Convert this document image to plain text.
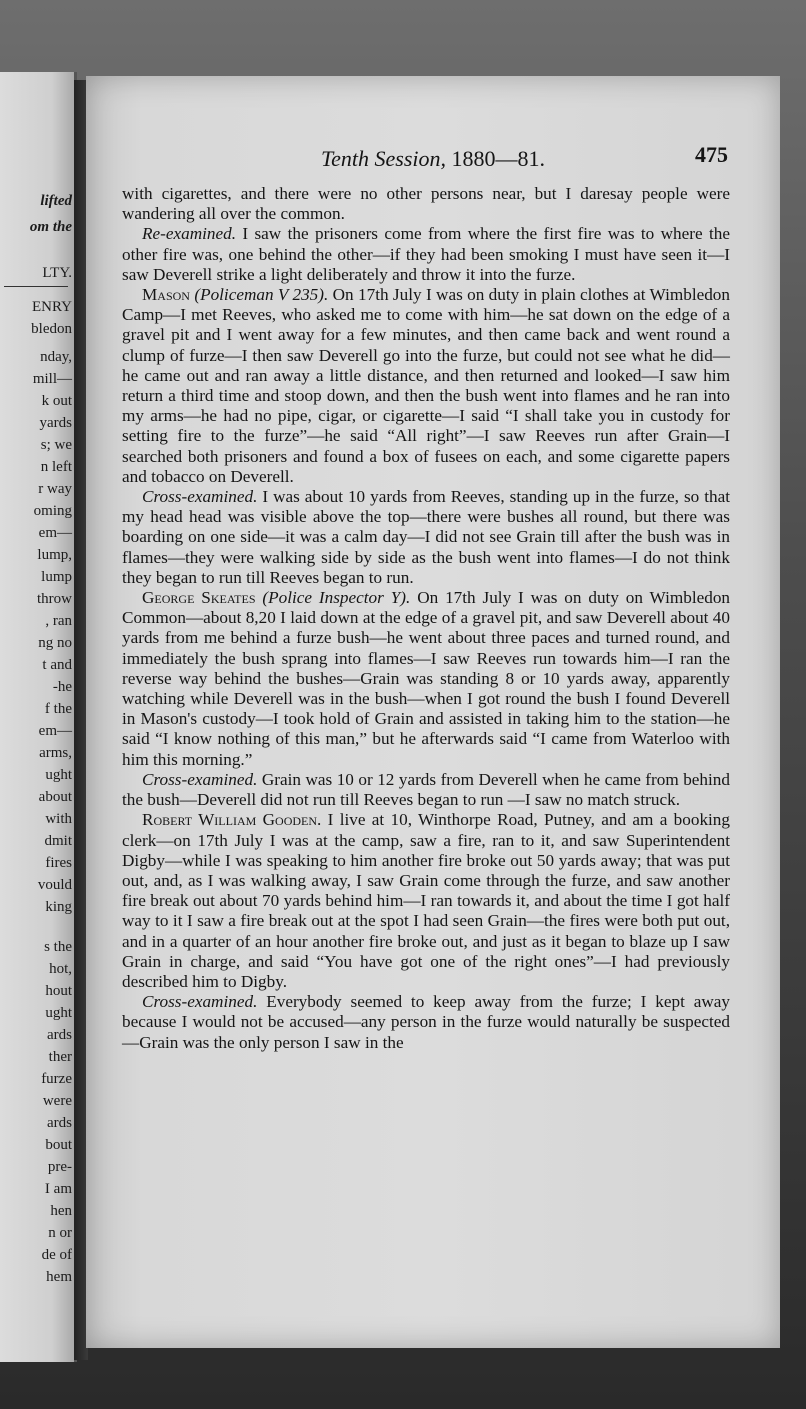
lifted
om the
LTY.
ENRY
bledon
nday,
mill—
k out
yards
s; we
n left
r way
oming
em—
lump,
lump
throw
, ran
ng no
t and
-he
f the
em—
arms,
ught
about
with
dmit
fires
vould
king
s the
hot,
hout
ught
ards
ther
furze
were
ards
bout
pre-
I am
hen
n or
de of
hem
Tenth Session, 1880—81.	475

with cigarettes, and there were no other persons near, but I daresay people were wandering all over the common.

Re-examined. I saw the prisoners come from where the first fire was to where the other fire was, one behind the other—if they had been smoking I must have seen it—I saw Deverell strike a light deliberately and throw it into the furze.

Mason (Policeman V 235). On 17th July I was on duty in plain clothes at Wimbledon Camp—I met Reeves, who asked me to come with him—he sat down on the edge of a gravel pit and I went away for a few minutes, and then came back and went round a clump of furze—I then saw Deverell go into the furze, but could not see what he did—he came out and ran away a little distance, and then returned and looked—I saw him return a third time and stoop down, and then the bush went into flames and he ran into my arms—he had no pipe, cigar, or cigarette—I said “I shall take you in custody for setting fire to the furze”—he said “All right”—I saw Reeves run after Grain—I searched both prisoners and found a box of fusees on each, and some cigarette papers and tobacco on Deverell.

Cross-examined. I was about 10 yards from Reeves, standing up in the furze, so that my head head was visible above the top—there were bushes all round, but there was boarding on one side—it was a calm day—I did not see Grain till after the bush was in flames—they were walking side by side as the bush went into flames—I do not think they began to run till Reeves began to run.

George Skeates (Police Inspector Y). On 17th July I was on duty on Wimbledon Common—about 8,20 I laid down at the edge of a gravel pit, and saw Deverell about 40 yards from me behind a furze bush—he went about three paces and turned round, and immediately the bush sprang into flames—I saw Reeves run towards him—I ran the reverse way behind the bushes—Grain was standing 8 or 10 yards away, apparently watching while Deverell was in the bush—when I got round the bush I found Deverell in Mason's custody—I took hold of Grain and assisted in taking him to the station—he said “I know nothing of this man,” but he afterwards said “I came from Waterloo with him this morning.”

Cross-examined. Grain was 10 or 12 yards from Deverell when he came from behind the bush—Deverell did not run till Reeves began to run —I saw no match struck.

Robert William Gooden. I live at 10, Winthorpe Road, Putney, and am a booking clerk—on 17th July I was at the camp, saw a fire, ran to it, and saw Superintendent Digby—while I was speaking to him another fire broke out 50 yards away; that was put out, and, as I was walking away, I saw Grain come through the furze, and saw another fire break out about 70 yards behind him—I ran towards it, and about the time I got half way to it I saw a fire break out at the spot I had seen Grain—the fires were both put out, and in a quarter of an hour another fire broke out, and just as it began to blaze up I saw Grain in charge, and said “You have got one of the right ones”—I had previously described him to Digby.

Cross-examined. Everybody seemed to keep away from the furze; I kept away because I would not be accused—any person in the furze would naturally be suspected—Grain was the only person I saw in the
